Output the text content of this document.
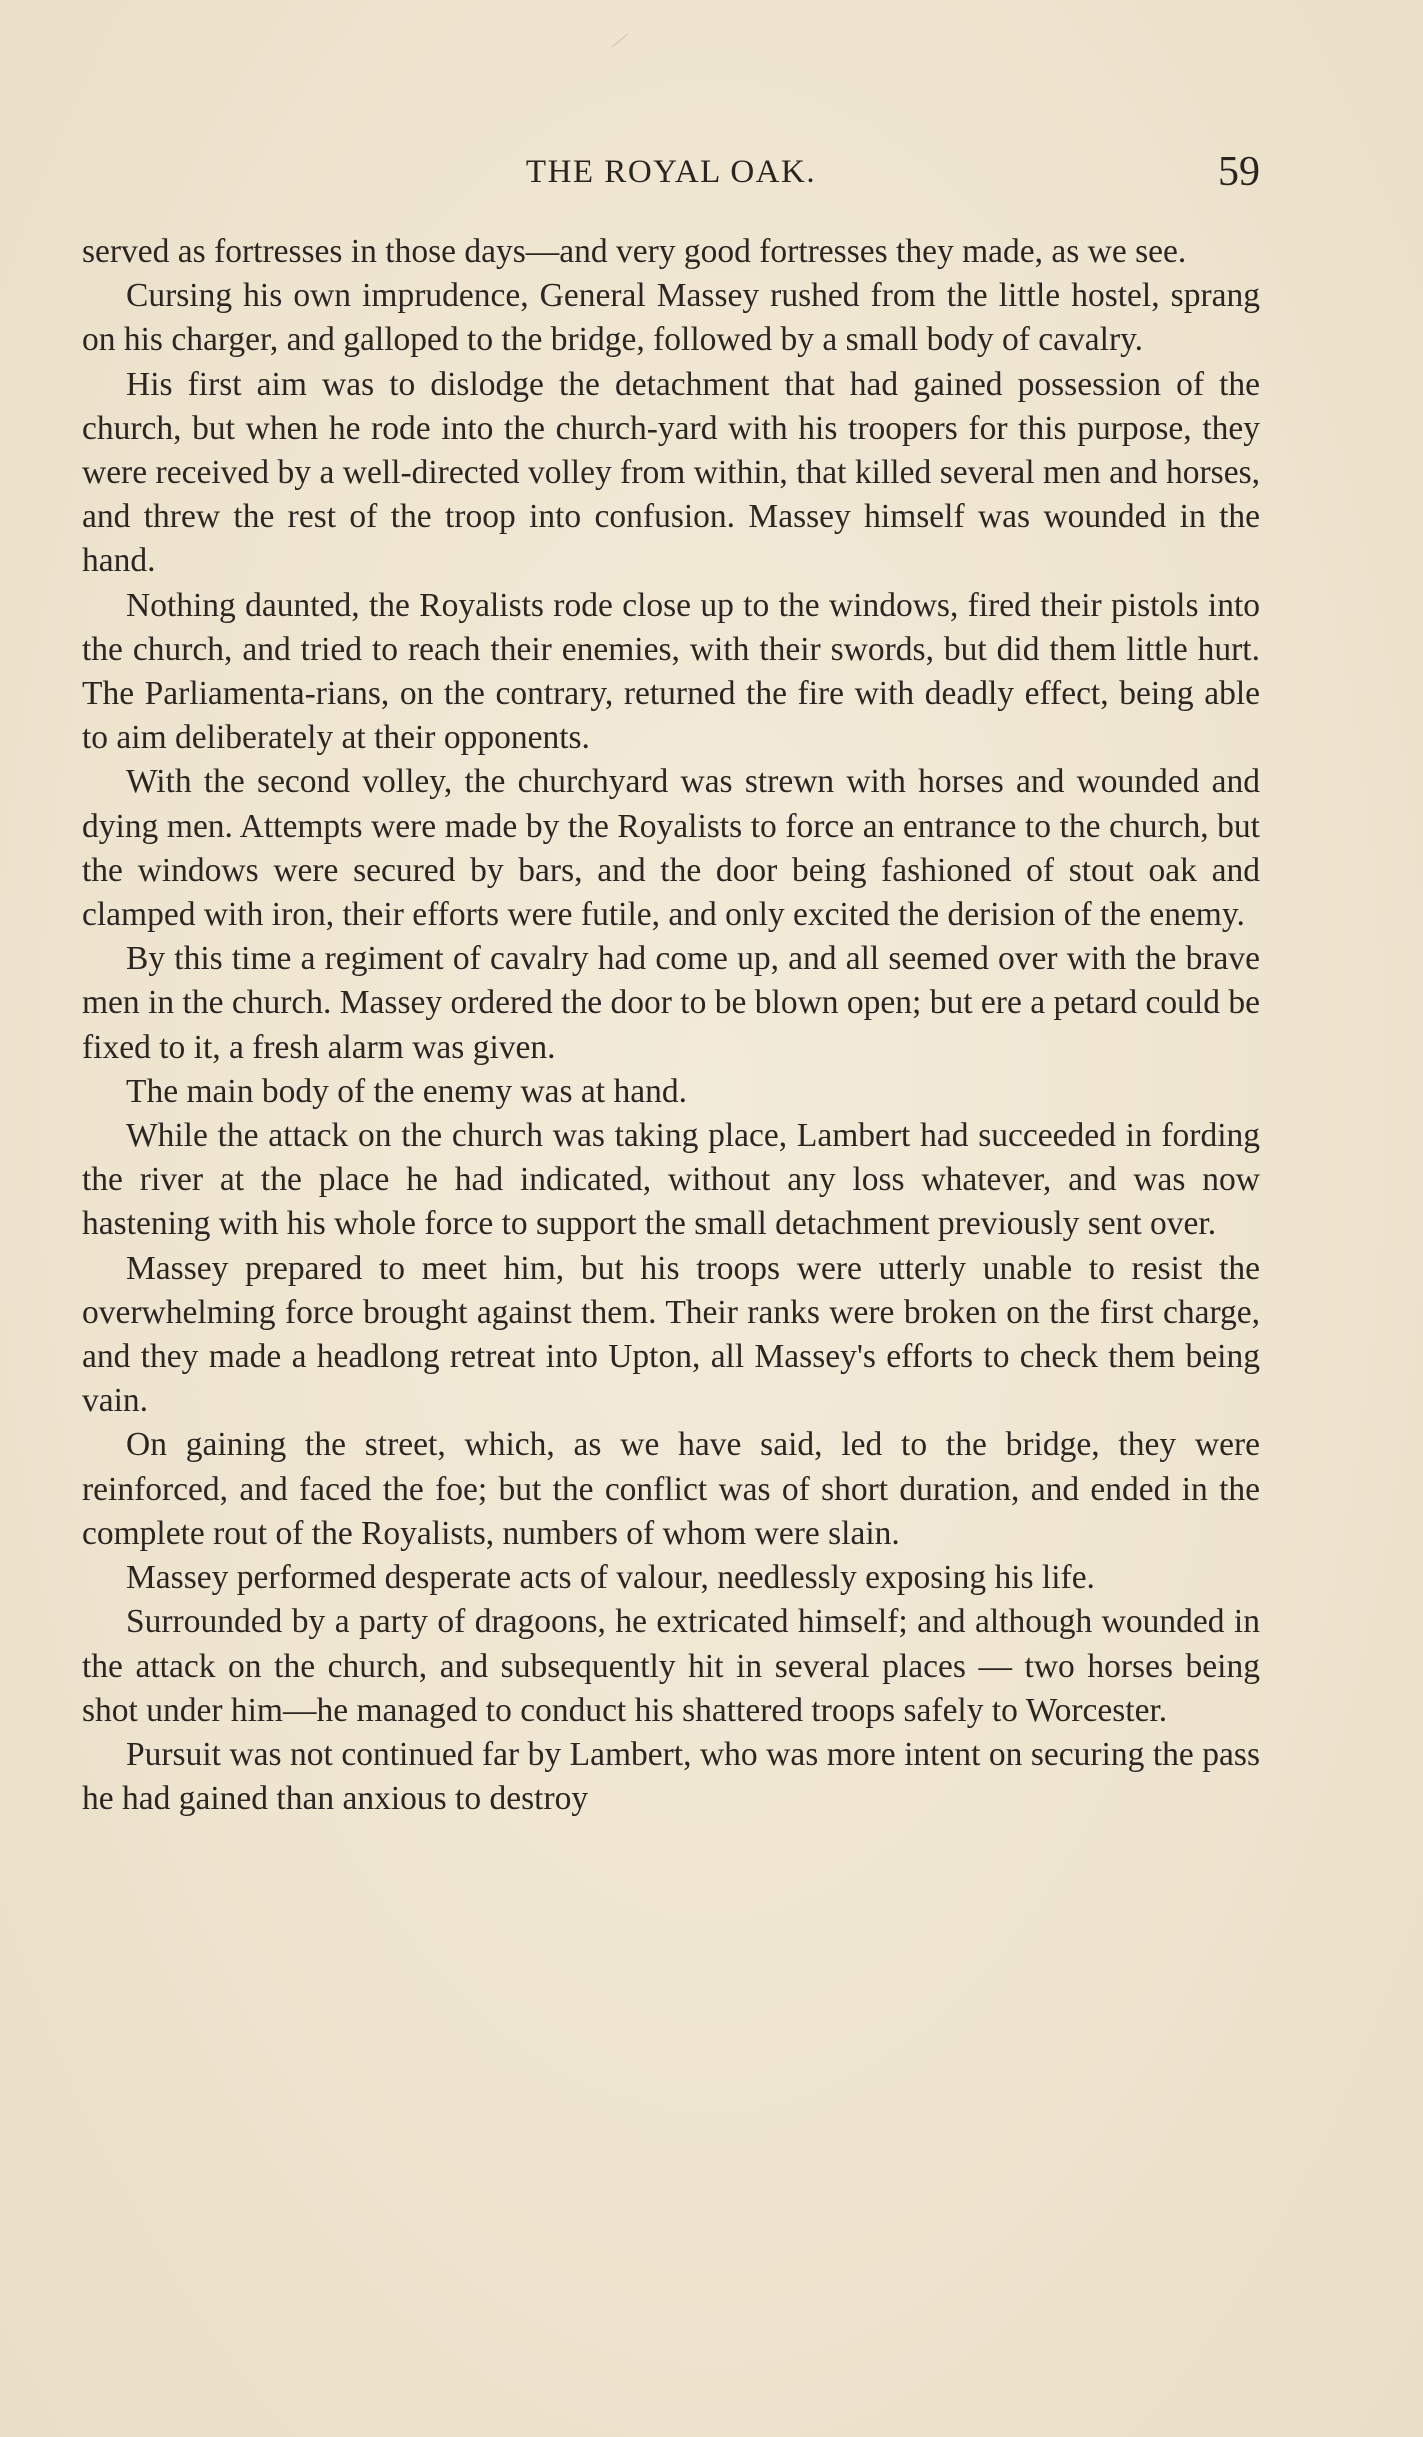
THE ROYAL OAK.	59

served as fortresses in those days—and very good fortresses they made, as we see.

Cursing his own imprudence, General Massey rushed from the little hostel, sprang on his charger, and galloped to the bridge, followed by a small body of cavalry.

His first aim was to dislodge the detachment that had gained possession of the church, but when he rode into the church-yard with his troopers for this purpose, they were received by a well-directed volley from within, that killed several men and horses, and threw the rest of the troop into confusion. Massey himself was wounded in the hand.

Nothing daunted, the Royalists rode close up to the windows, fired their pistols into the church, and tried to reach their enemies, with their swords, but did them little hurt. The Parliamenta-rians, on the contrary, returned the fire with deadly effect, being able to aim deliberately at their opponents.

With the second volley, the churchyard was strewn with horses and wounded and dying men. Attempts were made by the Royalists to force an entrance to the church, but the windows were secured by bars, and the door being fashioned of stout oak and clamped with iron, their efforts were futile, and only excited the derision of the enemy.

By this time a regiment of cavalry had come up, and all seemed over with the brave men in the church. Massey ordered the door to be blown open; but ere a petard could be fixed to it, a fresh alarm was given.

The main body of the enemy was at hand.

While the attack on the church was taking place, Lambert had succeeded in fording the river at the place he had indicated, without any loss whatever, and was now hastening with his whole force to support the small detachment previously sent over.

Massey prepared to meet him, but his troops were utterly unable to resist the overwhelming force brought against them. Their ranks were broken on the first charge, and they made a headlong retreat into Upton, all Massey's efforts to check them being vain.

On gaining the street, which, as we have said, led to the bridge, they were reinforced, and faced the foe; but the conflict was of short duration, and ended in the complete rout of the Royalists, numbers of whom were slain.

Massey performed desperate acts of valour, needlessly exposing his life.

Surrounded by a party of dragoons, he extricated himself; and although wounded in the attack on the church, and subsequently hit in several places — two horses being shot under him—he managed to conduct his shattered troops safely to Worcester.

Pursuit was not continued far by Lambert, who was more intent on securing the pass he had gained than anxious to destroy
